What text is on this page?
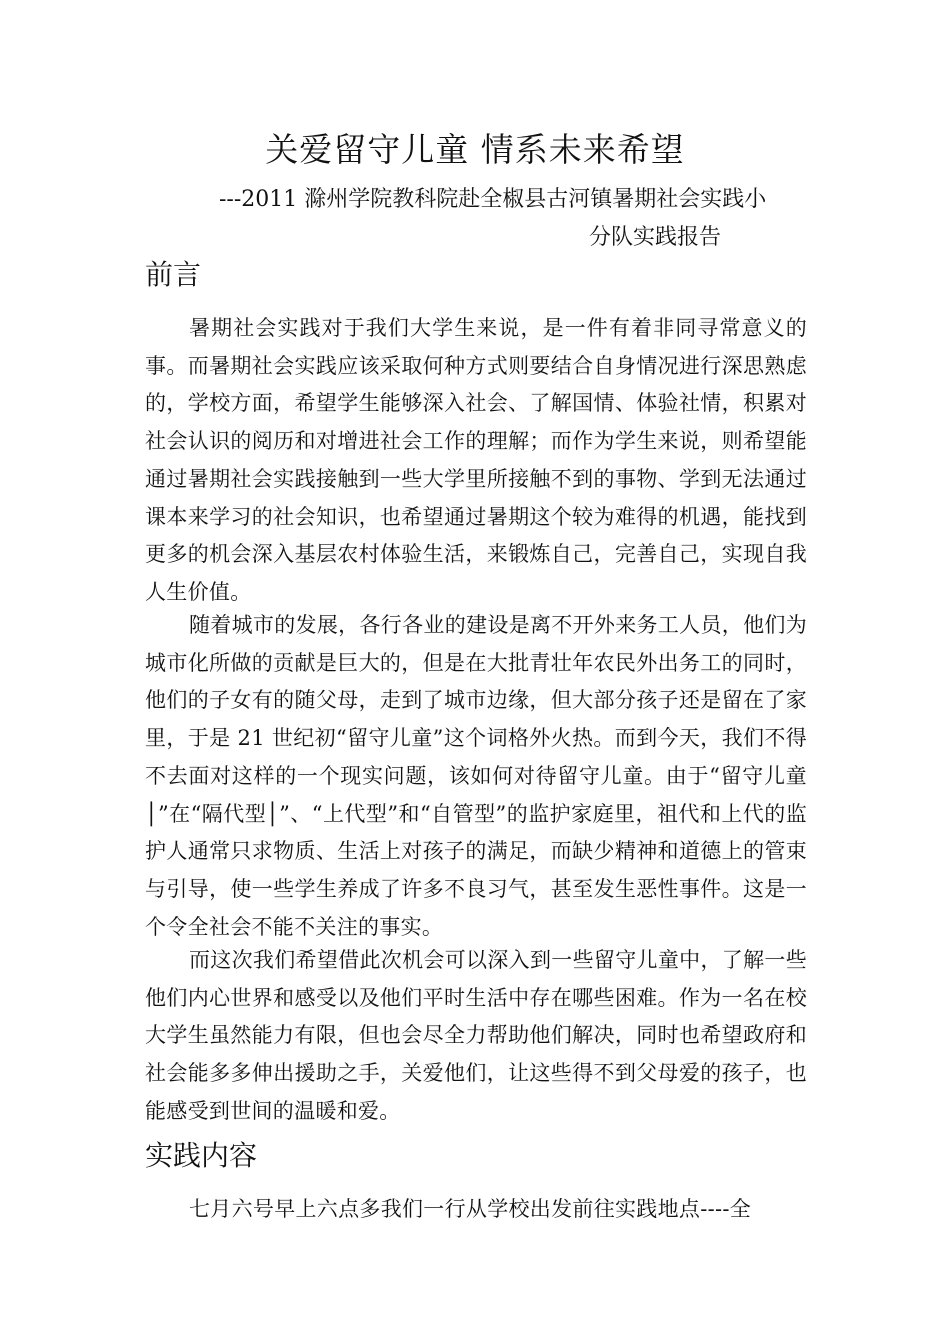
关爱留守儿童 情系未来希望
---2011 滁州学院教科院赴全椒县古河镇暑期社会实践小
分队实践报告
前言
暑期社会实践对于我们大学生来说，是一件有着非同寻常意义的事。而暑期社会实践应该采取何种方式则要结合自身情况进行深思熟虑的，学校方面，希望学生能够深入社会、了解国情、体验社情，积累对社会认识的阅历和对增进社会工作的理解；而作为学生来说，则希望能通过暑期社会实践接触到一些大学里所接触不到的事物、学到无法通过课本来学习的社会知识，也希望通过暑期这个较为难得的机遇，能找到更多的机会深入基层农村体验生活，来锻炼自己，完善自己，实现自我人生价值。
随着城市的发展，各行各业的建设是离不开外来务工人员，他们为城市化所做的贡献是巨大的，但是在大批青壮年农民外出务工的同时，他们的子女有的随父母，走到了城市边缘，但大部分孩子还是留在了家里，于是 21 世纪初“留守儿童”这个词格外火热。而到今天，我们不得不去面对这样的一个现实问题，该如何对待留守儿童。由于“留守儿童│”在“隔代型│”、“上代型”和“自管型”的监护家庭里，祖代和上代的监护人通常只求物质、生活上对孩子的满足，而缺少精神和道德上的管束与引导，使一些学生养成了许多不良习气，甚至发生恶性事件。这是一个令全社会不能不关注的事实。
而这次我们希望借此次机会可以深入到一些留守儿童中，了解一些他们内心世界和感受以及他们平时生活中存在哪些困难。作为一名在校大学生虽然能力有限，但也会尽全力帮助他们解决，同时也希望政府和社会能多多伸出援助之手，关爱他们，让这些得不到父母爱的孩子，也能感受到世间的温暖和爱。
实践内容
七月六号早上六点多我们一行从学校出发前往实践地点----全
